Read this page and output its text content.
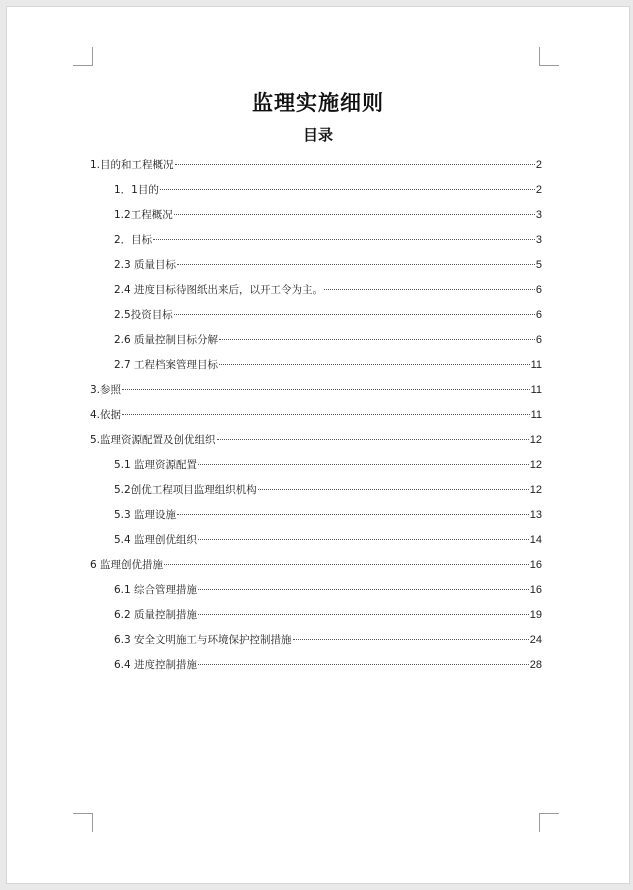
监理实施细则
目录
1.目的和工程概况	2
1．1目的	2
1.2工程概况	3
2．目标	3
2.3 质量目标	5
2.4 进度目标待图纸出来后，以开工令为主。	6
2.5投资目标	6
2.6 质量控制目标分解	6
2.7 工程档案管理目标	11
3.参照	11
4.依据	11
5.监理资源配置及创优组织	12
5.1 监理资源配置	12
5.2创优工程项目监理组织机构	12
5.3 监理设施	13
5.4 监理创优组织	14
6 监理创优措施	16
6.1 综合管理措施	16
6.2 质量控制措施	19
6.3 安全文明施工与环境保护控制措施	24
6.4 进度控制措施	28
